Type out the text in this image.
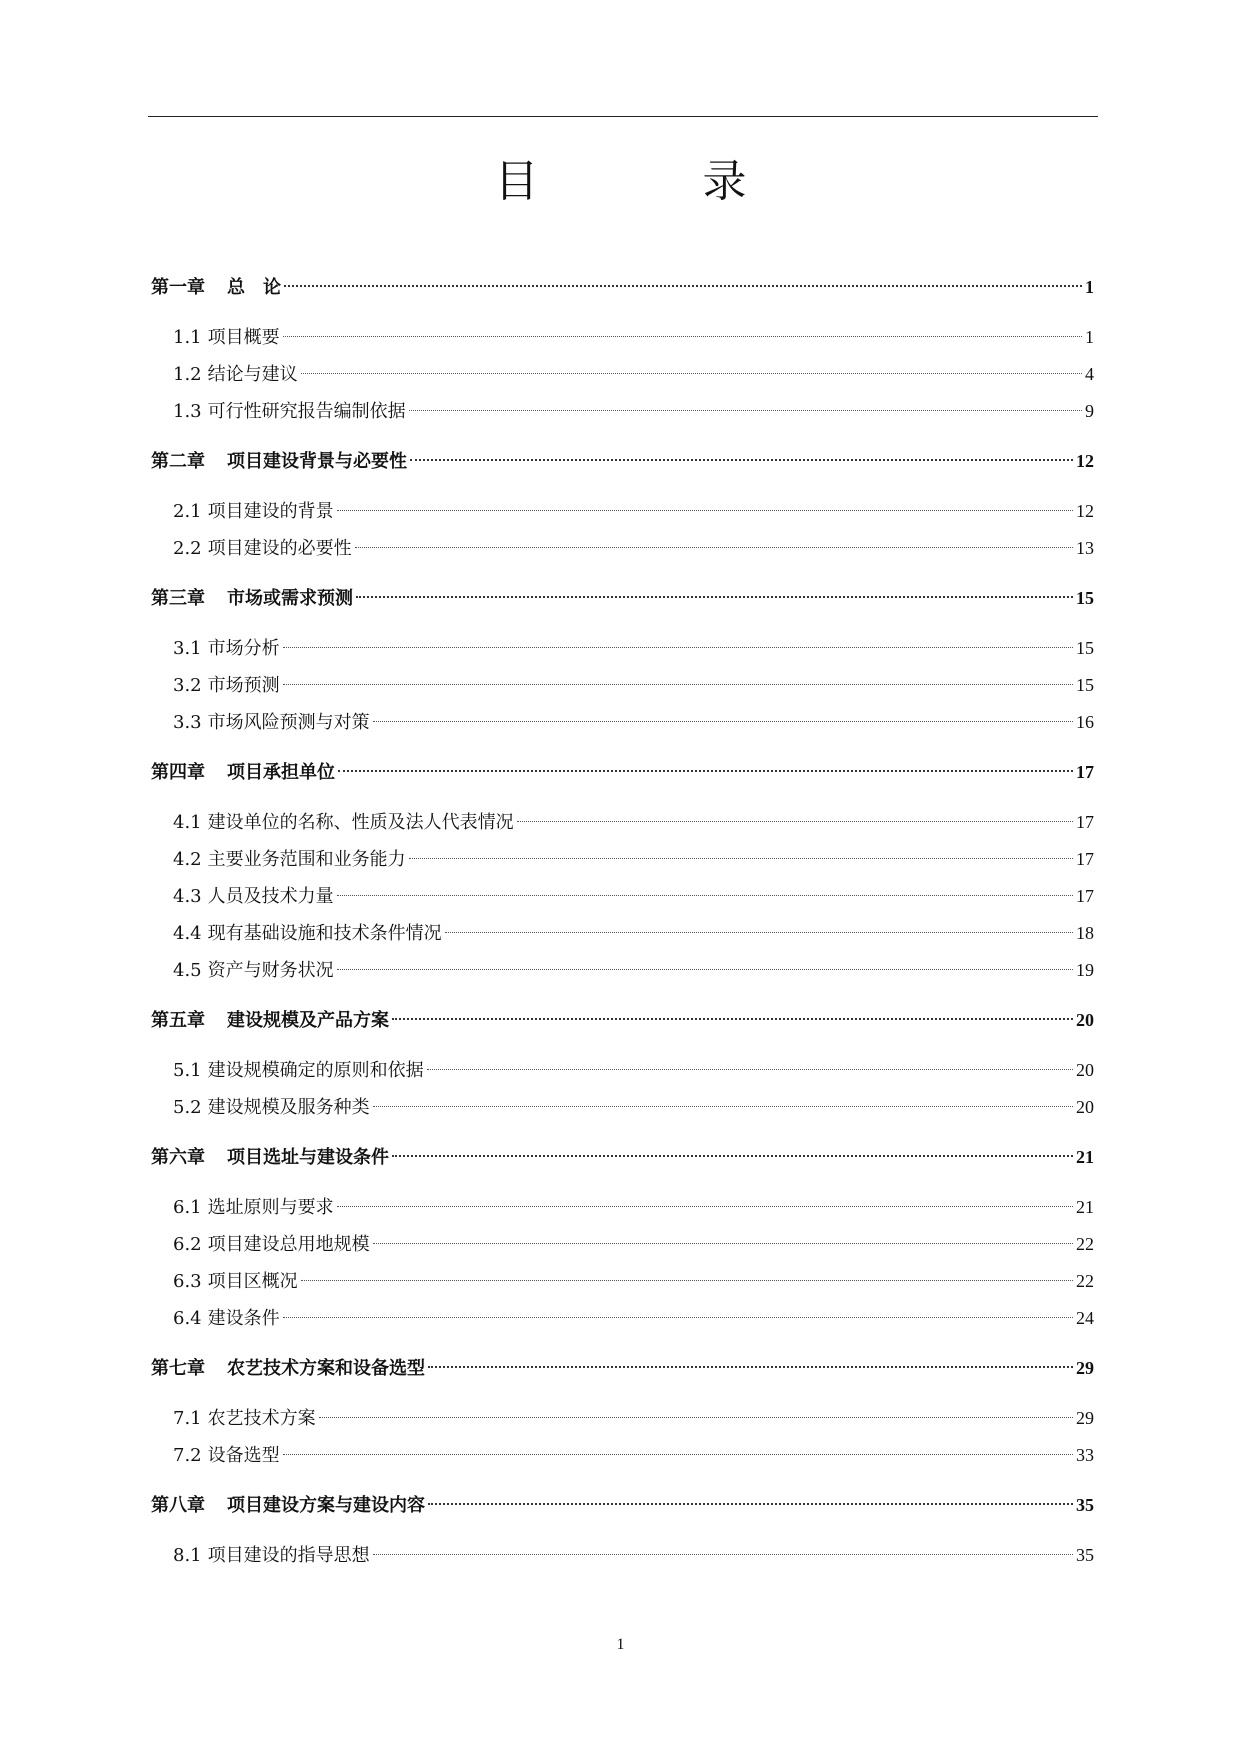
目　录
第一章 总　论	1
1.1 项目概要	1
1.2 结论与建议	4
1.3 可行性研究报告编制依据	9
第二章 项目建设背景与必要性	12
2.1 项目建设的背景	12
2.2 项目建设的必要性	13
第三章 市场或需求预测	15
3.1 市场分析	15
3.2 市场预测	15
3.3 市场风险预测与对策	16
第四章 项目承担单位	17
4.1 建设单位的名称、性质及法人代表情况	17
4.2 主要业务范围和业务能力	17
4.3 人员及技术力量	17
4.4 现有基础设施和技术条件情况	18
4.5 资产与财务状况	19
第五章 建设规模及产品方案	20
5.1 建设规模确定的原则和依据	20
5.2 建设规模及服务种类	20
第六章 项目选址与建设条件	21
6.1 选址原则与要求	21
6.2 项目建设总用地规模	22
6.3 项目区概况	22
6.4 建设条件	24
第七章 农艺技术方案和设备选型	29
7.1 农艺技术方案	29
7.2 设备选型	33
第八章 项目建设方案与建设内容	35
8.1 项目建设的指导思想	35
1
